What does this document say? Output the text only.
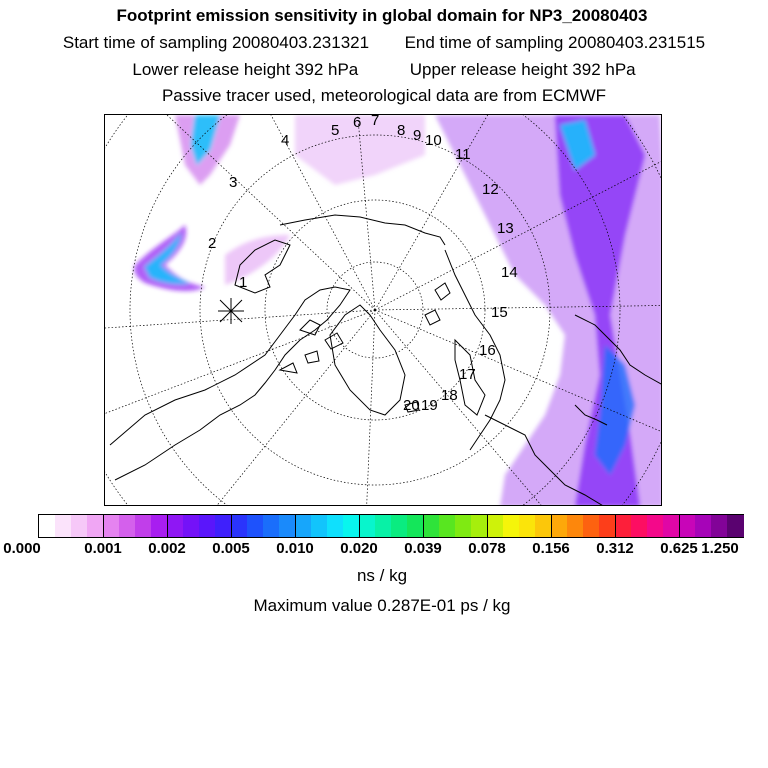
Footprint emission sensitivity in global domain for NP3_20080403
Start time of sampling 20080403.231321 End time of sampling 20080403.231515
Lower release height 392 hPa	Upper release height 392 hPa
Passive tracer used, meteorological data are from ECMWF
1
2
3
4
5 6 7
8 9 10
11
12
13
14
15
16
17
18
19
20
0.000	0.001 0.002 0.005 0.010 0.020 0.039 0.078 0.156 0.312 0.625 1.250
ns / kg
Maximum value 0.287E-01 ps / kg
